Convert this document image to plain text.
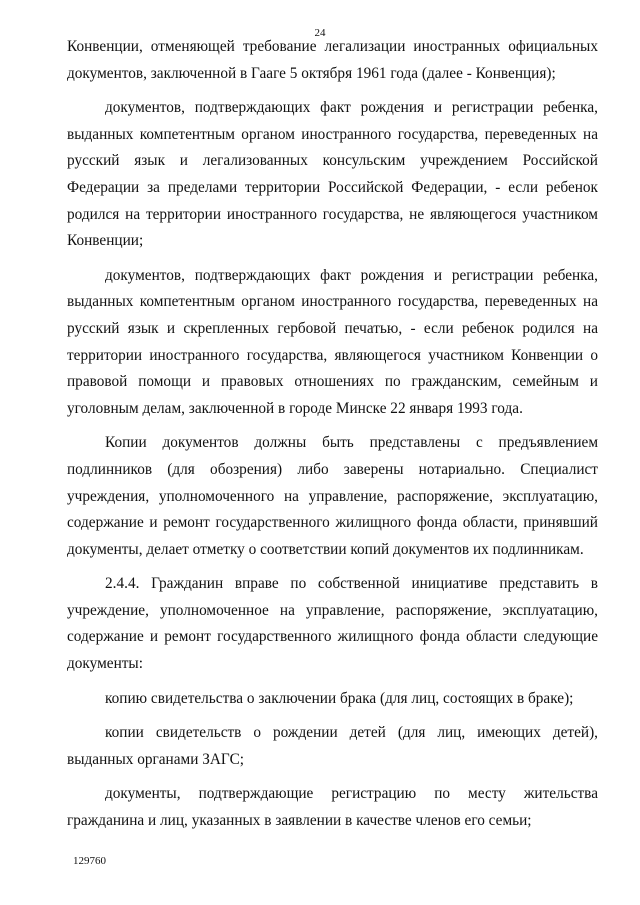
24

Конвенции, отменяющей требование легализации иностранных официальных документов, заключенной в Гааге 5 октября 1961 года (далее - Конвенция);

документов, подтверждающих факт рождения и регистрации ребенка, выданных компетентным органом иностранного государства, переведенных на русский язык и легализованных консульским учреждением Российской Федерации за пределами территории Российской Федерации, - если ребенок родился на территории иностранного государства, не являющегося участником Конвенции;

документов, подтверждающих факт рождения и регистрации ребенка, выданных компетентным органом иностранного государства, переведенных на русский язык и скрепленных гербовой печатью, - если ребенок родился на территории иностранного государства, являющегося участником Конвенции о правовой помощи и правовых отношениях по гражданским, семейным и уголовным делам, заключенной в городе Минске 22 января 1993 года.

Копии документов должны быть представлены с предъявлением подлинников (для обозрения) либо заверены нотариально. Специалист учреждения, уполномоченного на управление, распоряжение, эксплуатацию, содержание и ремонт государственного жилищного фонда области, принявший документы, делает отметку о соответствии копий документов их подлинникам.

2.4.4. Гражданин вправе по собственной инициативе представить в учреждение, уполномоченное на управление, распоряжение, эксплуатацию, содержание и ремонт государственного жилищного фонда области следующие документы:

копию свидетельства о заключении брака (для лиц, состоящих в браке);

копии свидетельств о рождении детей (для лиц, имеющих детей), выданных органами ЗАГС;

документы, подтверждающие регистрацию по месту жительства гражданина и лиц, указанных в заявлении в качестве членов его семьи;

129760
